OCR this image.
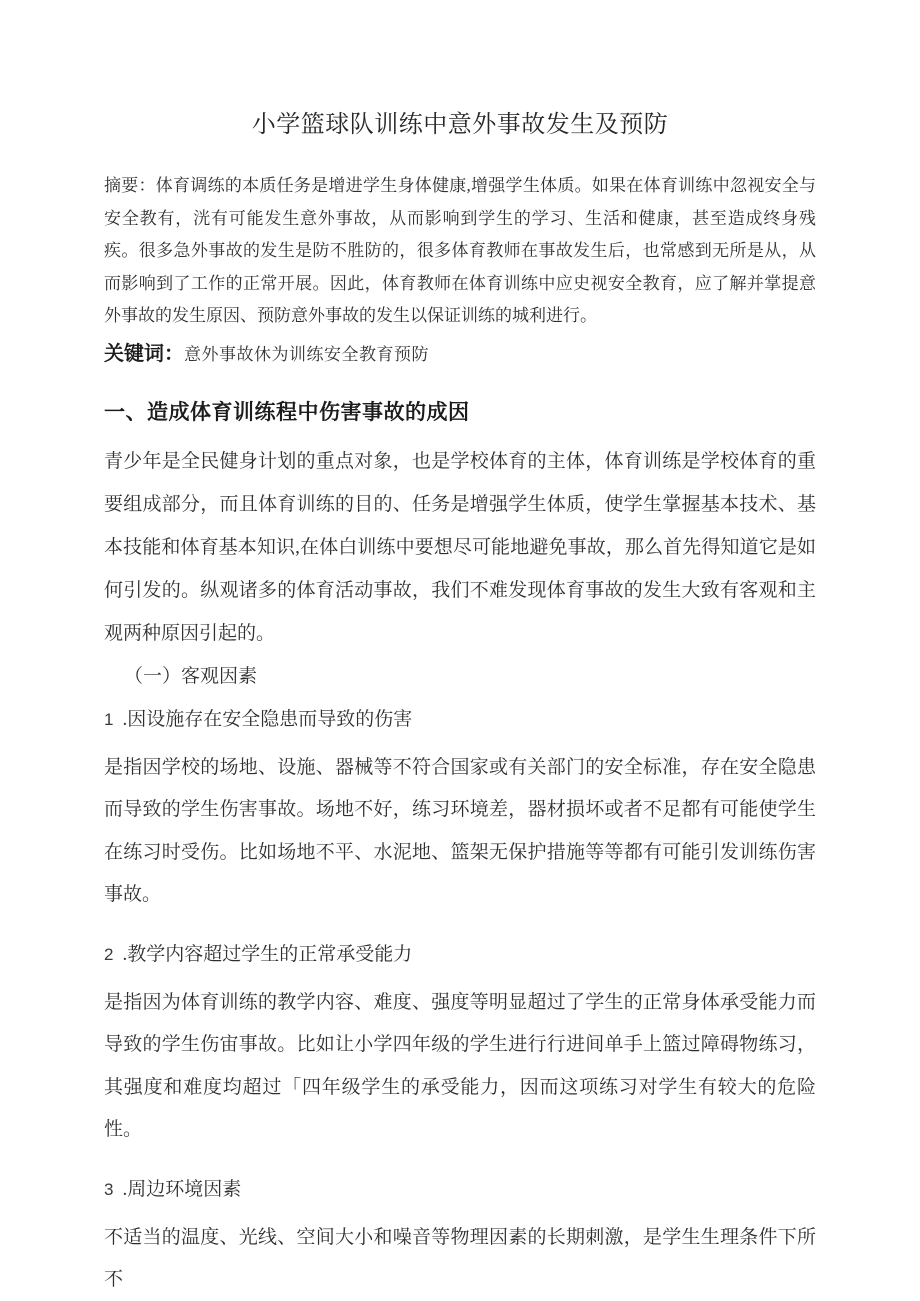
小学篮球队训练中意外事故发生及预防

摘要：体育调练的本质任务是增进学生身体健康,增强学生体质。如果在体育训练中忽视安全与安全教有，洸有可能发生意外事故，从而影响到学生的学习、生活和健康，甚至造成终身残疾。很多急外事故的发生是防不胜防的，很多体育教师在事故发生后，也常感到无所是从，从而影响到了工作的正常开展。因此，体育教师在体育训练中应史视安全教育，应了解并掌提意外事故的发生原因、预防意外事故的发生以保证训练的城利进行。

关键词：意外事故休为训练安全教育预防

一、造成体育训练程中伤害事故的成因

青少年是全民健身计划的重点对象，也是学校体育的主体，体育训练是学校体育的重要组成部分，而且体育训练的目的、任务是增强学生体质，使学生掌握基本技术、基本技能和体育基本知识,在体白训练中要想尽可能地避免事故，那么首先得知道它是如何引发的。纵观诸多的体育活动事故，我们不难发现体育事故的发生大致有客观和主观两种原因引起的。

（一）客观因素

1 .因设施存在安全隐患而导致的伤害

是指因学校的场地、设施、器械等不符合国家或有关部门的安全标准，存在安全隐患而导致的学生伤害事故。场地不好，练习环境差，器材损坏或者不足都有可能使学生在练习时受伤。比如场地不平、水泥地、篮架无保护措施等等都有可能引发训练伤害事故。

2 .教学内容超过学生的正常承受能力

是指因为体育训练的教学内容、难度、强度等明显超过了学生的正常身体承受能力而导致的学生伤宙事故。比如让小学四年级的学生进行行进间单手上篮过障碍物练习，其强度和难度均超过「四年级学生的承受能力，因而这项练习对学生有较大的危险性。

3 .周边环境因素

不适当的温度、光线、空间大小和噪音等物理因素的长期刺激，是学生生理条件下所不
